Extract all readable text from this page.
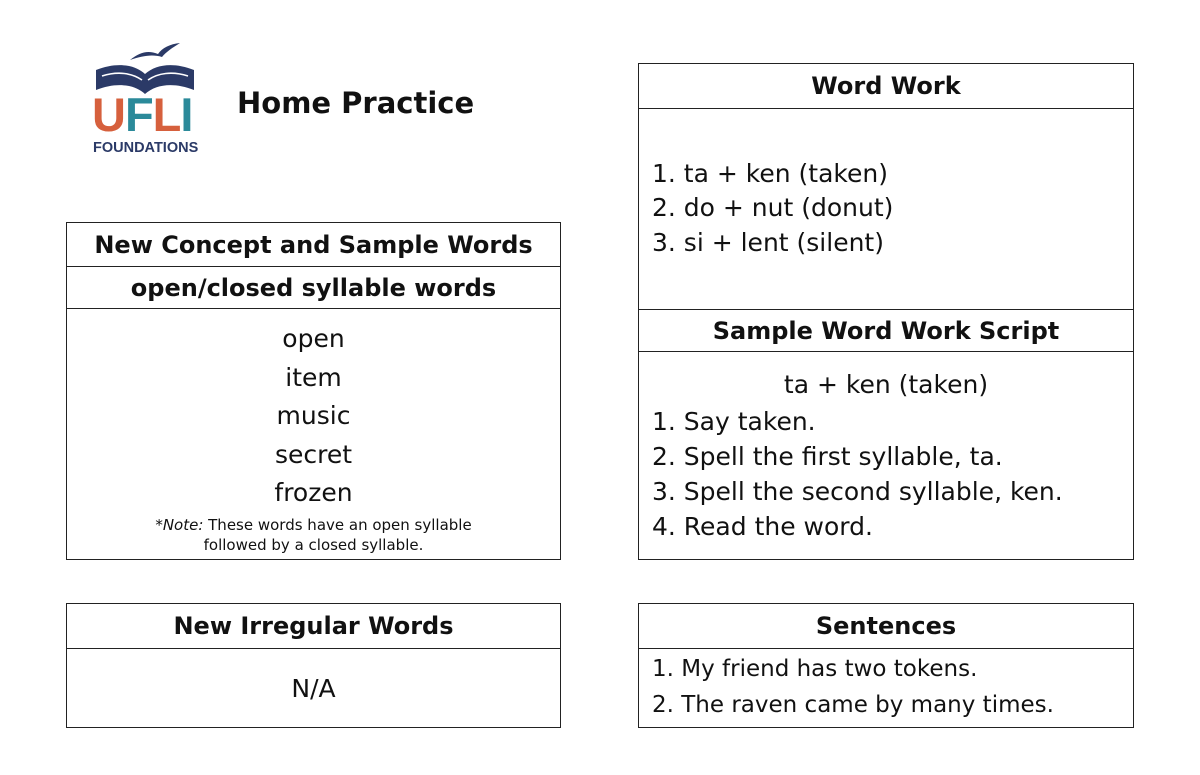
UFLI
FOUNDATIONS
Home Practice
New Concept and Sample Words
open/closed syllable words
open
item
music
secret
frozen
*Note: These words have an open syllable
followed by a closed syllable.
New Irregular Words
N/A
Word Work
1. ta + ken (taken)
2. do + nut (donut)
3. si + lent (silent)
Sample Word Work Script
ta + ken (taken)
1. Say taken.
2. Spell the first syllable, ta.
3. Spell the second syllable, ken.
4. Read the word.
Sentences
1. My friend has two tokens.
2. The raven came by many times.
